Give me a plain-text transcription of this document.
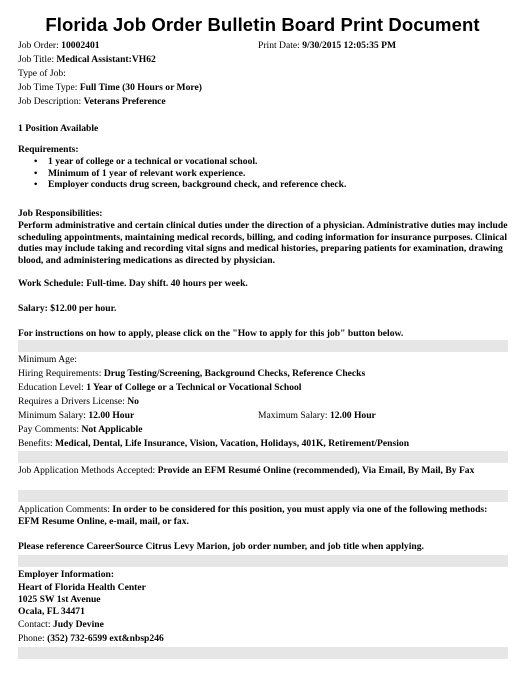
Florida Job Order Bulletin Board Print Document
Job Order: 10002401	Print Date: 9/30/2015 12:05:35 PM
Job Title: Medical Assistant:VH62
Type of Job:
Job Time Type: Full Time (30 Hours or More)
Job Description: Veterans Preference
1 Position Available
Requirements:
• 1 year of college or a technical or vocational school.
• Minimum of 1 year of relevant work experience.
• Employer conducts drug screen, background check, and reference check.
Job Responsibilities:
Perform administrative and certain clinical duties under the direction of a physician. Administrative duties may include scheduling appointments, maintaining medical records, billing, and coding information for insurance purposes. Clinical duties may include taking and recording vital signs and medical histories, preparing patients for examination, drawing blood, and administering medications as directed by physician.
Work Schedule: Full-time. Day shift. 40 hours per week.
Salary: $12.00 per hour.
For instructions on how to apply, please click on the "How to apply for this job" button below.
Minimum Age:
Hiring Requirements: Drug Testing/Screening, Background Checks, Reference Checks
Education Level: 1 Year of College or a Technical or Vocational School
Requires a Drivers License: No
Minimum Salary: 12.00 Hour	Maximum Salary: 12.00 Hour
Pay Comments: Not Applicable
Benefits: Medical, Dental, Life Insurance, Vision, Vacation, Holidays, 401K, Retirement/Pension
Job Application Methods Accepted: Provide an EFM Resumé Online (recommended), Via Email, By Mail, By Fax
Application Comments: In order to be considered for this position, you must apply via one of the following methods: EFM Resume Online, e-mail, mail, or fax.
Please reference CareerSource Citrus Levy Marion, job order number, and job title when applying.
Employer Information:
Heart of Florida Health Center
1025 SW 1st Avenue
Ocala, FL 34471
Contact: Judy Devine
Phone: (352) 732-6599 ext&nbsp246
